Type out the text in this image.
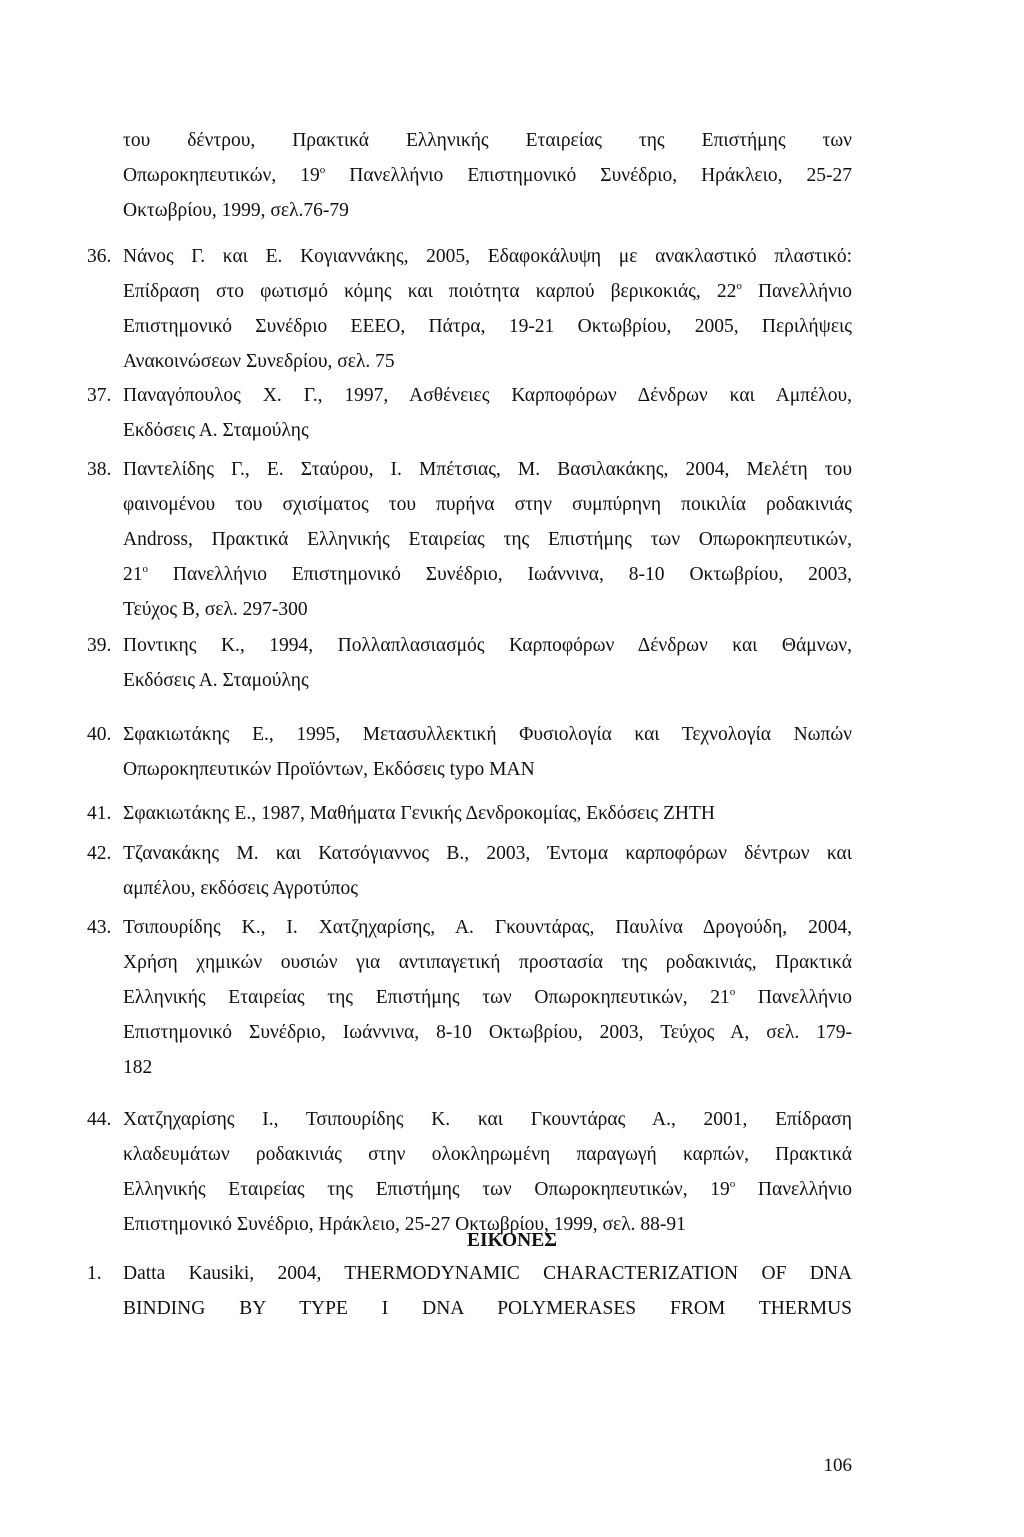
του δέντρου, Πρακτικά Ελληνικής Εταιρείας της Επιστήμης των
Οπωροκηπευτικών, $19^o$ Πανελλήνιο Επιστημονικό Συνέδριο, Ηράκλειο, 25-27
Οκτωβρίου, 1999, σελ.76-79
36. Νάνος Γ. και Ε. Κογιαννάκης, 2005, Εδαφοκάλυψη με ανακλαστικό πλαστικό:
Επίδραση στο φωτισμό κόμης και ποιότητα καρπού βερικοκιάς, $22^o$ Πανελλήνιο
Επιστημονικό Συνέδριο ΕΕΕΟ, Πάτρα, 19-21 Οκτωβρίου, 2005, Περιλήψεις
Ανακοινώσεων Συνεδρίου, σελ. 75
37. Παναγόπουλος Χ. Γ., 1997, Ασθένειες Καρποφόρων Δένδρων και Αμπέλου,
Εκδόσεις Α. Σταμούλης
38. Παντελίδης Γ., Ε. Σταύρου, Ι. Μπέτσιας, Μ. Βασιλακάκης, 2004, Μελέτη του
φαινομένου του σχισίματος του πυρήνα στην συμπύρηνη ποικιλία ροδακινιάς
Andross, Πρακτικά Ελληνικής Εταιρείας της Επιστήμης των Οπωροκηπευτικών,
$21^o$ Πανελλήνιο Επιστημονικό Συνέδριο, Ιωάννινα, 8-10 Οκτωβρίου, 2003,
Τεύχος Β, σελ. 297-300
39. Ποντικης Κ., 1994, Πολλαπλασιασμός Καρποφόρων Δένδρων και Θάμνων,
Εκδόσεις Α. Σταμούλης
40. Σφακιωτάκης Ε., 1995, Μετασυλλεκτική Φυσιολογία και Τεχνολογία Νωπών
Οπωροκηπευτικών Προϊόντων, Εκδόσεις typo MAN
41. Σφακιωτάκης Ε., 1987, Μαθήματα Γενικής Δενδροκομίας, Εκδόσεις ΖΗΤΗ
42. Τζανακάκης Μ. και Κατσόγιαννος Β., 2003, Έντομα καρποφόρων δέντρων και
αμπέλου, εκδόσεις Αγροτύπος
43. Τσιπουρίδης Κ., Ι. Χατζηχαρίσης, Α. Γκουντάρας, Παυλίνα Δρογούδη, 2004,
Χρήση χημικών ουσιών για αντιπαγετική προστασία της ροδακινιάς, Πρακτικά
Ελληνικής Εταιρείας της Επιστήμης των Οπωροκηπευτικών, $21^o$ Πανελλήνιο
Επιστημονικό Συνέδριο, Ιωάννινα, 8-10 Οκτωβρίου, 2003, Τεύχος Α, σελ. 179-
182
44. Χατζηχαρίσης Ι., Τσιπουρίδης Κ. και Γκουντάρας Α., 2001, Επίδραση
κλαδευμάτων ροδακινιάς στην ολοκληρωμένη παραγωγή καρπών, Πρακτικά
Ελληνικής Εταιρείας της Επιστήμης των Οπωροκηπευτικών, $19^o$ Πανελλήνιο
Επιστημονικό Συνέδριο, Ηράκλειο, 25-27 Οκτωβρίου, 1999, σελ. 88-91
ΕΙΚΟΝΕΣ
1.	Datta Kausiki, 2004, THERMODYNAMIC CHARACTERIZATION OF DNA
BINDING BY TYPE I DNA POLYMERASES FROM THERMUS
106
